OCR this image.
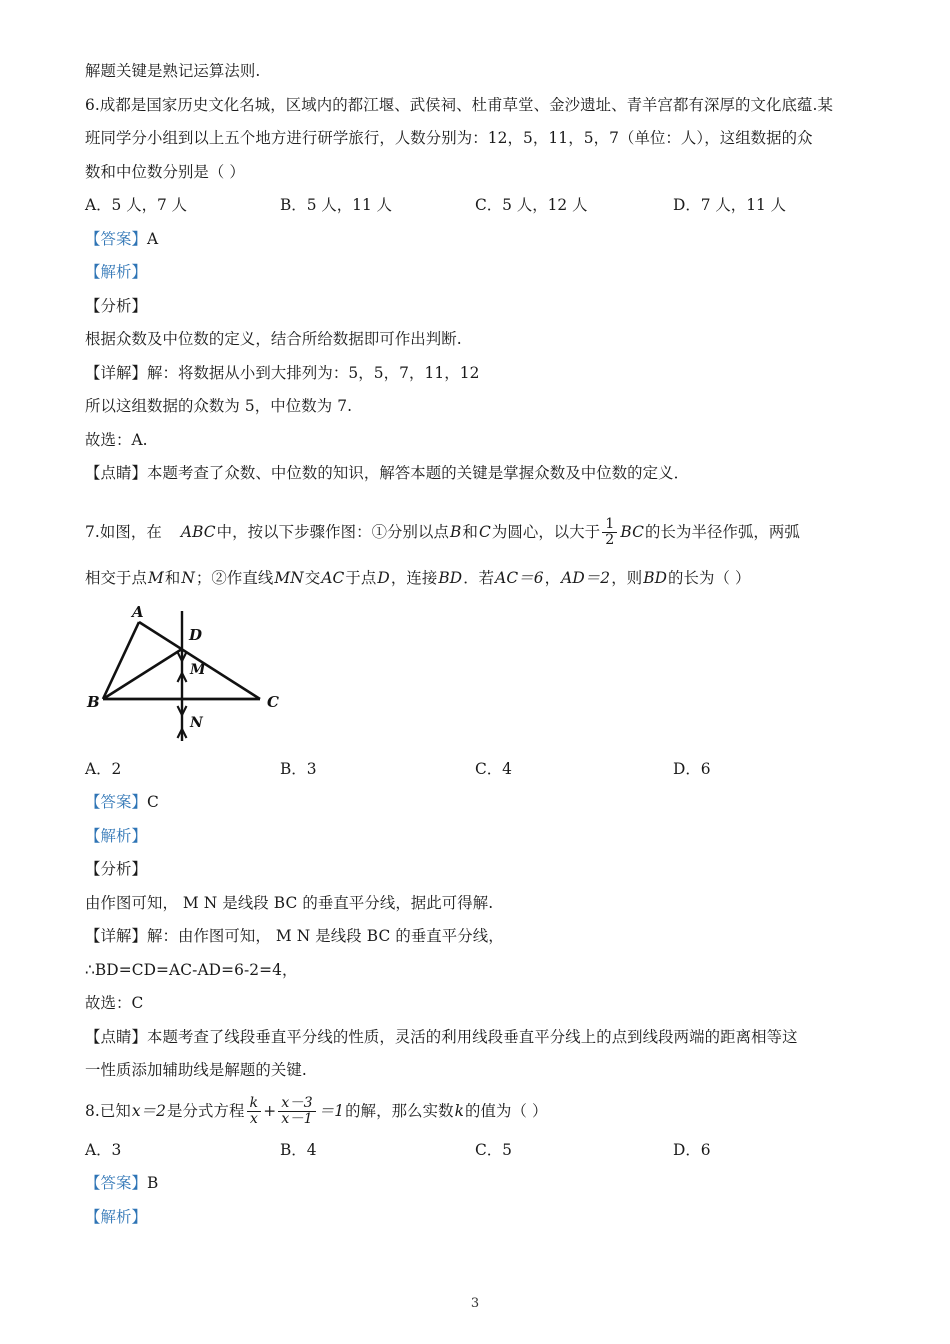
解题关键是熟记运算法则.
6.成都是国家历史文化名城，区域内的都江堰、武侯祠、杜甫草堂、金沙遗址、青羊宫都有深厚的文化底蕴.某
班同学分小组到以上五个地方进行研学旅行，人数分别为：12，5，11，5，7（单位：人），这组数据的众
数和中位数分别是（ ）
A．5 人，7 人	B．5 人，11 人	C．5 人，12 人	D．7 人，11 人
【答案】A
【解析】
【分析】
根据众数及中位数的定义，结合所给数据即可作出判断.
【详解】解：将数据从小到大排列为：5，5，7，11，12
所以这组数据的众数为 5，中位数为 7.
故选：A.
【点睛】本题考查了众数、中位数的知识，解答本题的关键是掌握众数及中位数的定义．
7.如图，在 ABC中，按以下步骤作图：①分别以点B和C为圆心，以大于 $\frac{1}{2}$ BC的长为半径作弧，两弧
相交于点M和N；②作直线MN交AC于点D，连接BD．若AC＝6，AD＝2，则BD的长为（ ）
A
B	C
D
M
N
A．2	B．3	C．4	D．6
【答案】C
【解析】
【分析】
由作图可知， M N 是线段 BC 的垂直平分线，据此可得解.
【详解】解：由作图可知， M N 是线段 BC 的垂直平分线，
∴BD=CD=AC-AD=6-2=4，
故选：C
【点睛】本题考查了线段垂直平分线的性质，灵活的利用线段垂直平分线上的点到线段两端的距离相等这
一性质添加辅助线是解题的关键.
8.已知x＝2是分式方程 $\frac{k}{x} + \frac{x-3}{x-1} =1$的解，那么实数k的值为（ ）
A．3	B．4	C．5	D．6
【答案】B
【解析】
3
